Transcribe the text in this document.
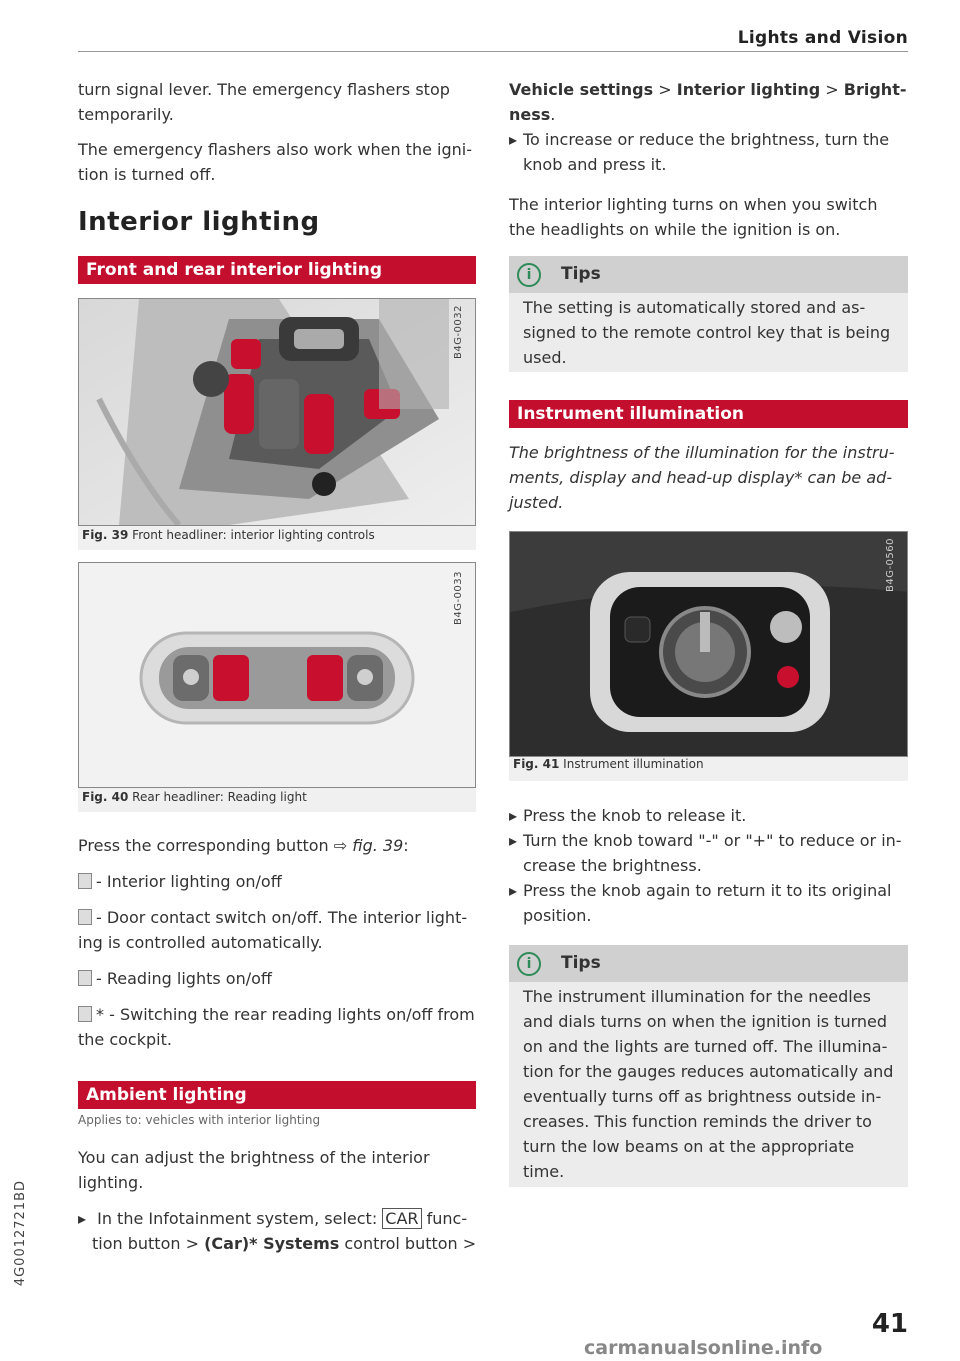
Lights and Vision

turn signal lever. The emergency flashers stop temporarily.

The emergency flashers also work when the igni-tion is turned off.

Interior lighting
Front and rear interior lighting
B4G-0032
Fig. 39 Front headliner: interior lighting controls
B4G-0033
Fig. 40 Rear headliner: Reading light

Press the corresponding button ⇨ fig. 39:

- Interior lighting on/off

- Door contact switch on/off. The interior light-ing is controlled automatically.

- Reading lights on/off

* - Switching the rear reading lights on/off from the cockpit.

Ambient lighting
Applies to: vehicles with interior lighting

You can adjust the brightness of the interior lighting.

▸ In the Infotainment system, select: CAR func-tion button > (Car)* Systems control button >

Vehicle settings > Interior lighting > Bright-ness.

▸ To increase or reduce the brightness, turn the knob and press it.

The interior lighting turns on when you switch the headlights on while the ignition is on.

i	Tips

The setting is automatically stored and as-signed to the remote control key that is being used.

Instrument illumination

The brightness of the illumination for the instru-ments, display and head-up display* can be ad-justed.

B4G-0560
Fig. 41 Instrument illumination

▸ Press the knob to release it.

▸ Turn the knob toward "-" or "+" to reduce or in-crease the brightness.

▸ Press the knob again to return it to its original position.

i	Tips

The instrument illumination for the needles and dials turns on when the ignition is turned on and the lights are turned off. The illumina-tion for the gauges reduces automatically and eventually turns off as brightness outside in-creases. This function reminds the driver to turn the low beams on at the appropriate time.

4G0012721BD
41
carmanualsonline.info
